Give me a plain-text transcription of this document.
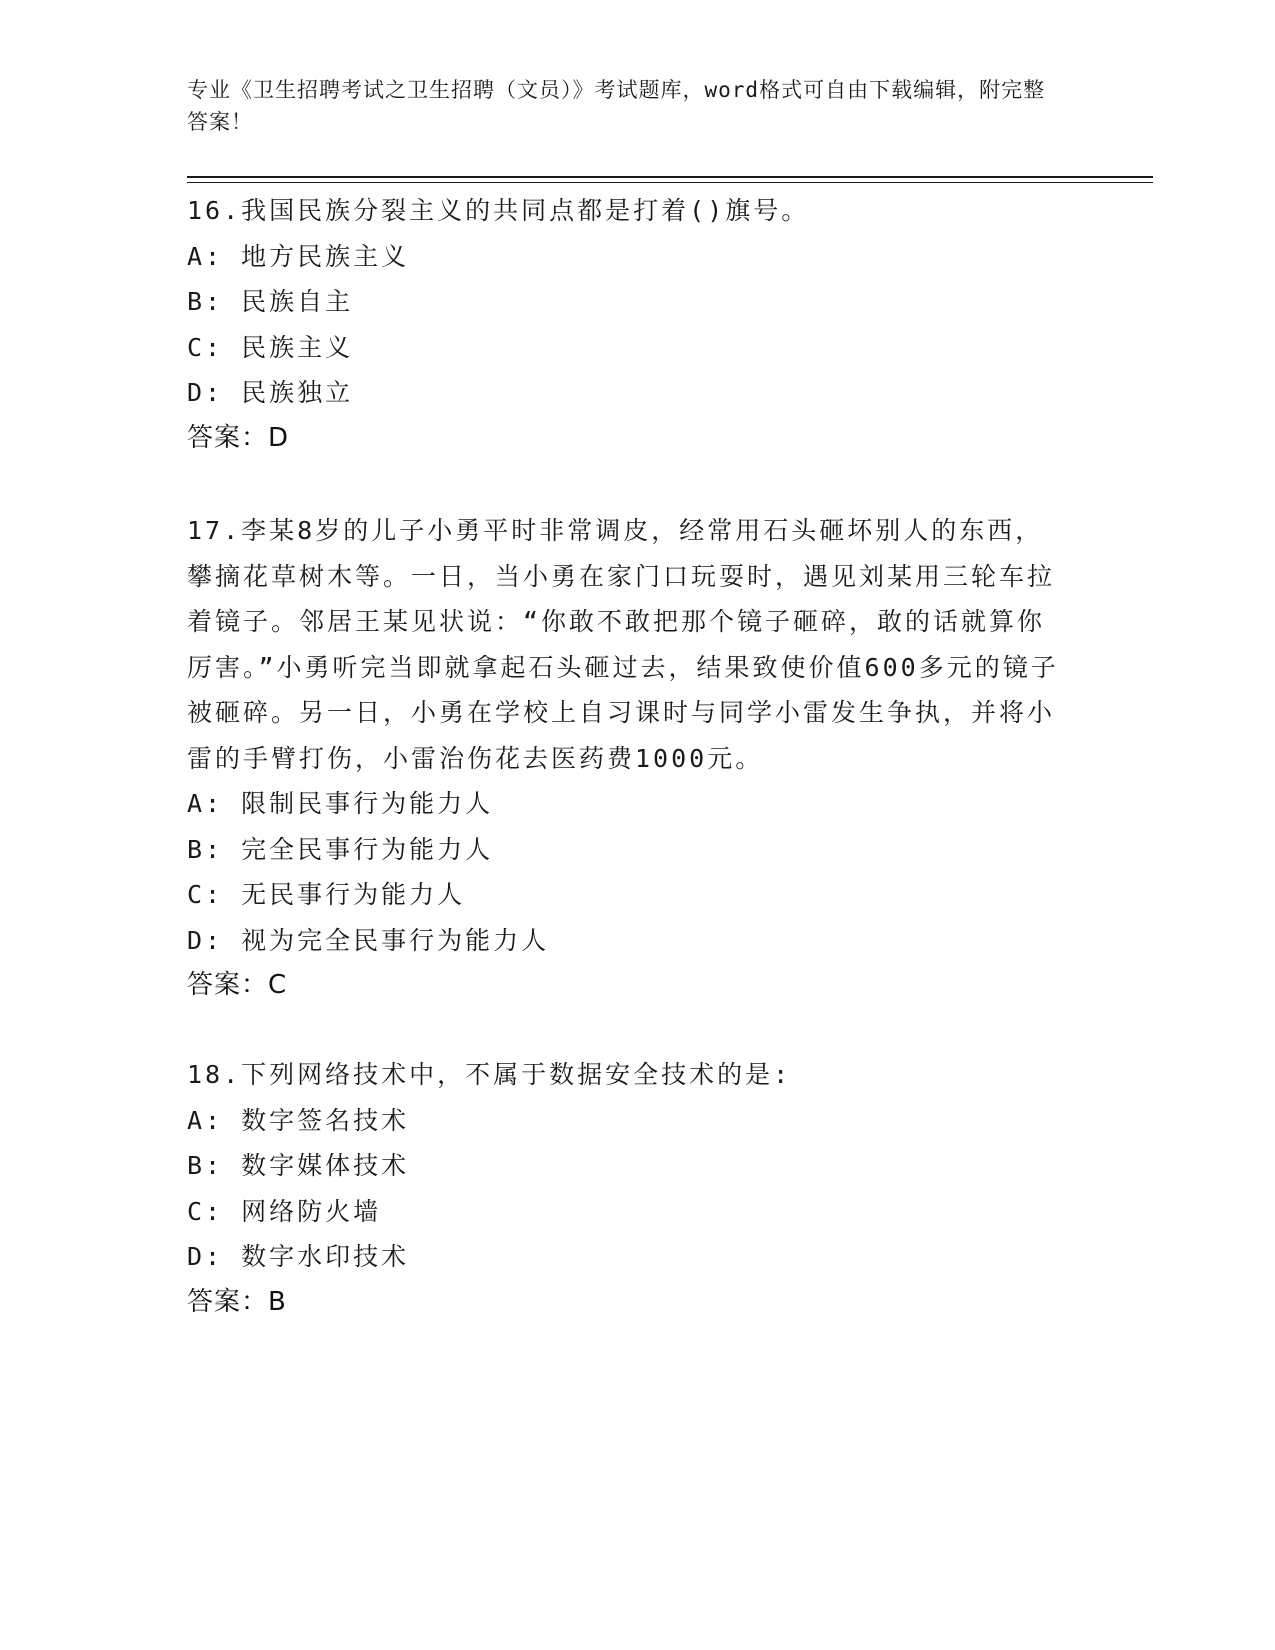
专业《卫生招聘考试之卫生招聘（文员）》考试题库，word格式可自由下载编辑，附完整答案！
16.我国民族分裂主义的共同点都是打着()旗号。
A: 地方民族主义
B: 民族自主
C: 民族主义
D: 民族独立
答案：D
17.李某8岁的儿子小勇平时非常调皮，经常用石头砸坏别人的东西，攀摘花草树木等。一日，当小勇在家门口玩耍时，遇见刘某用三轮车拉着镜子。邻居王某见状说：“你敢不敢把那个镜子砸碎，敢的话就算你厉害。”小勇听完当即就拿起石头砸过去，结果致使价值600多元的镜子被砸碎。另一日，小勇在学校上自习课时与同学小雷发生争执，并将小雷的手臂打伤，小雷治伤花去医药费1000元。
A: 限制民事行为能力人
B: 完全民事行为能力人
C: 无民事行为能力人
D: 视为完全民事行为能力人
答案：C
18.下列网络技术中，不属于数据安全技术的是:
A: 数字签名技术
B: 数字媒体技术
C: 网络防火墙
D: 数字水印技术
答案：B
